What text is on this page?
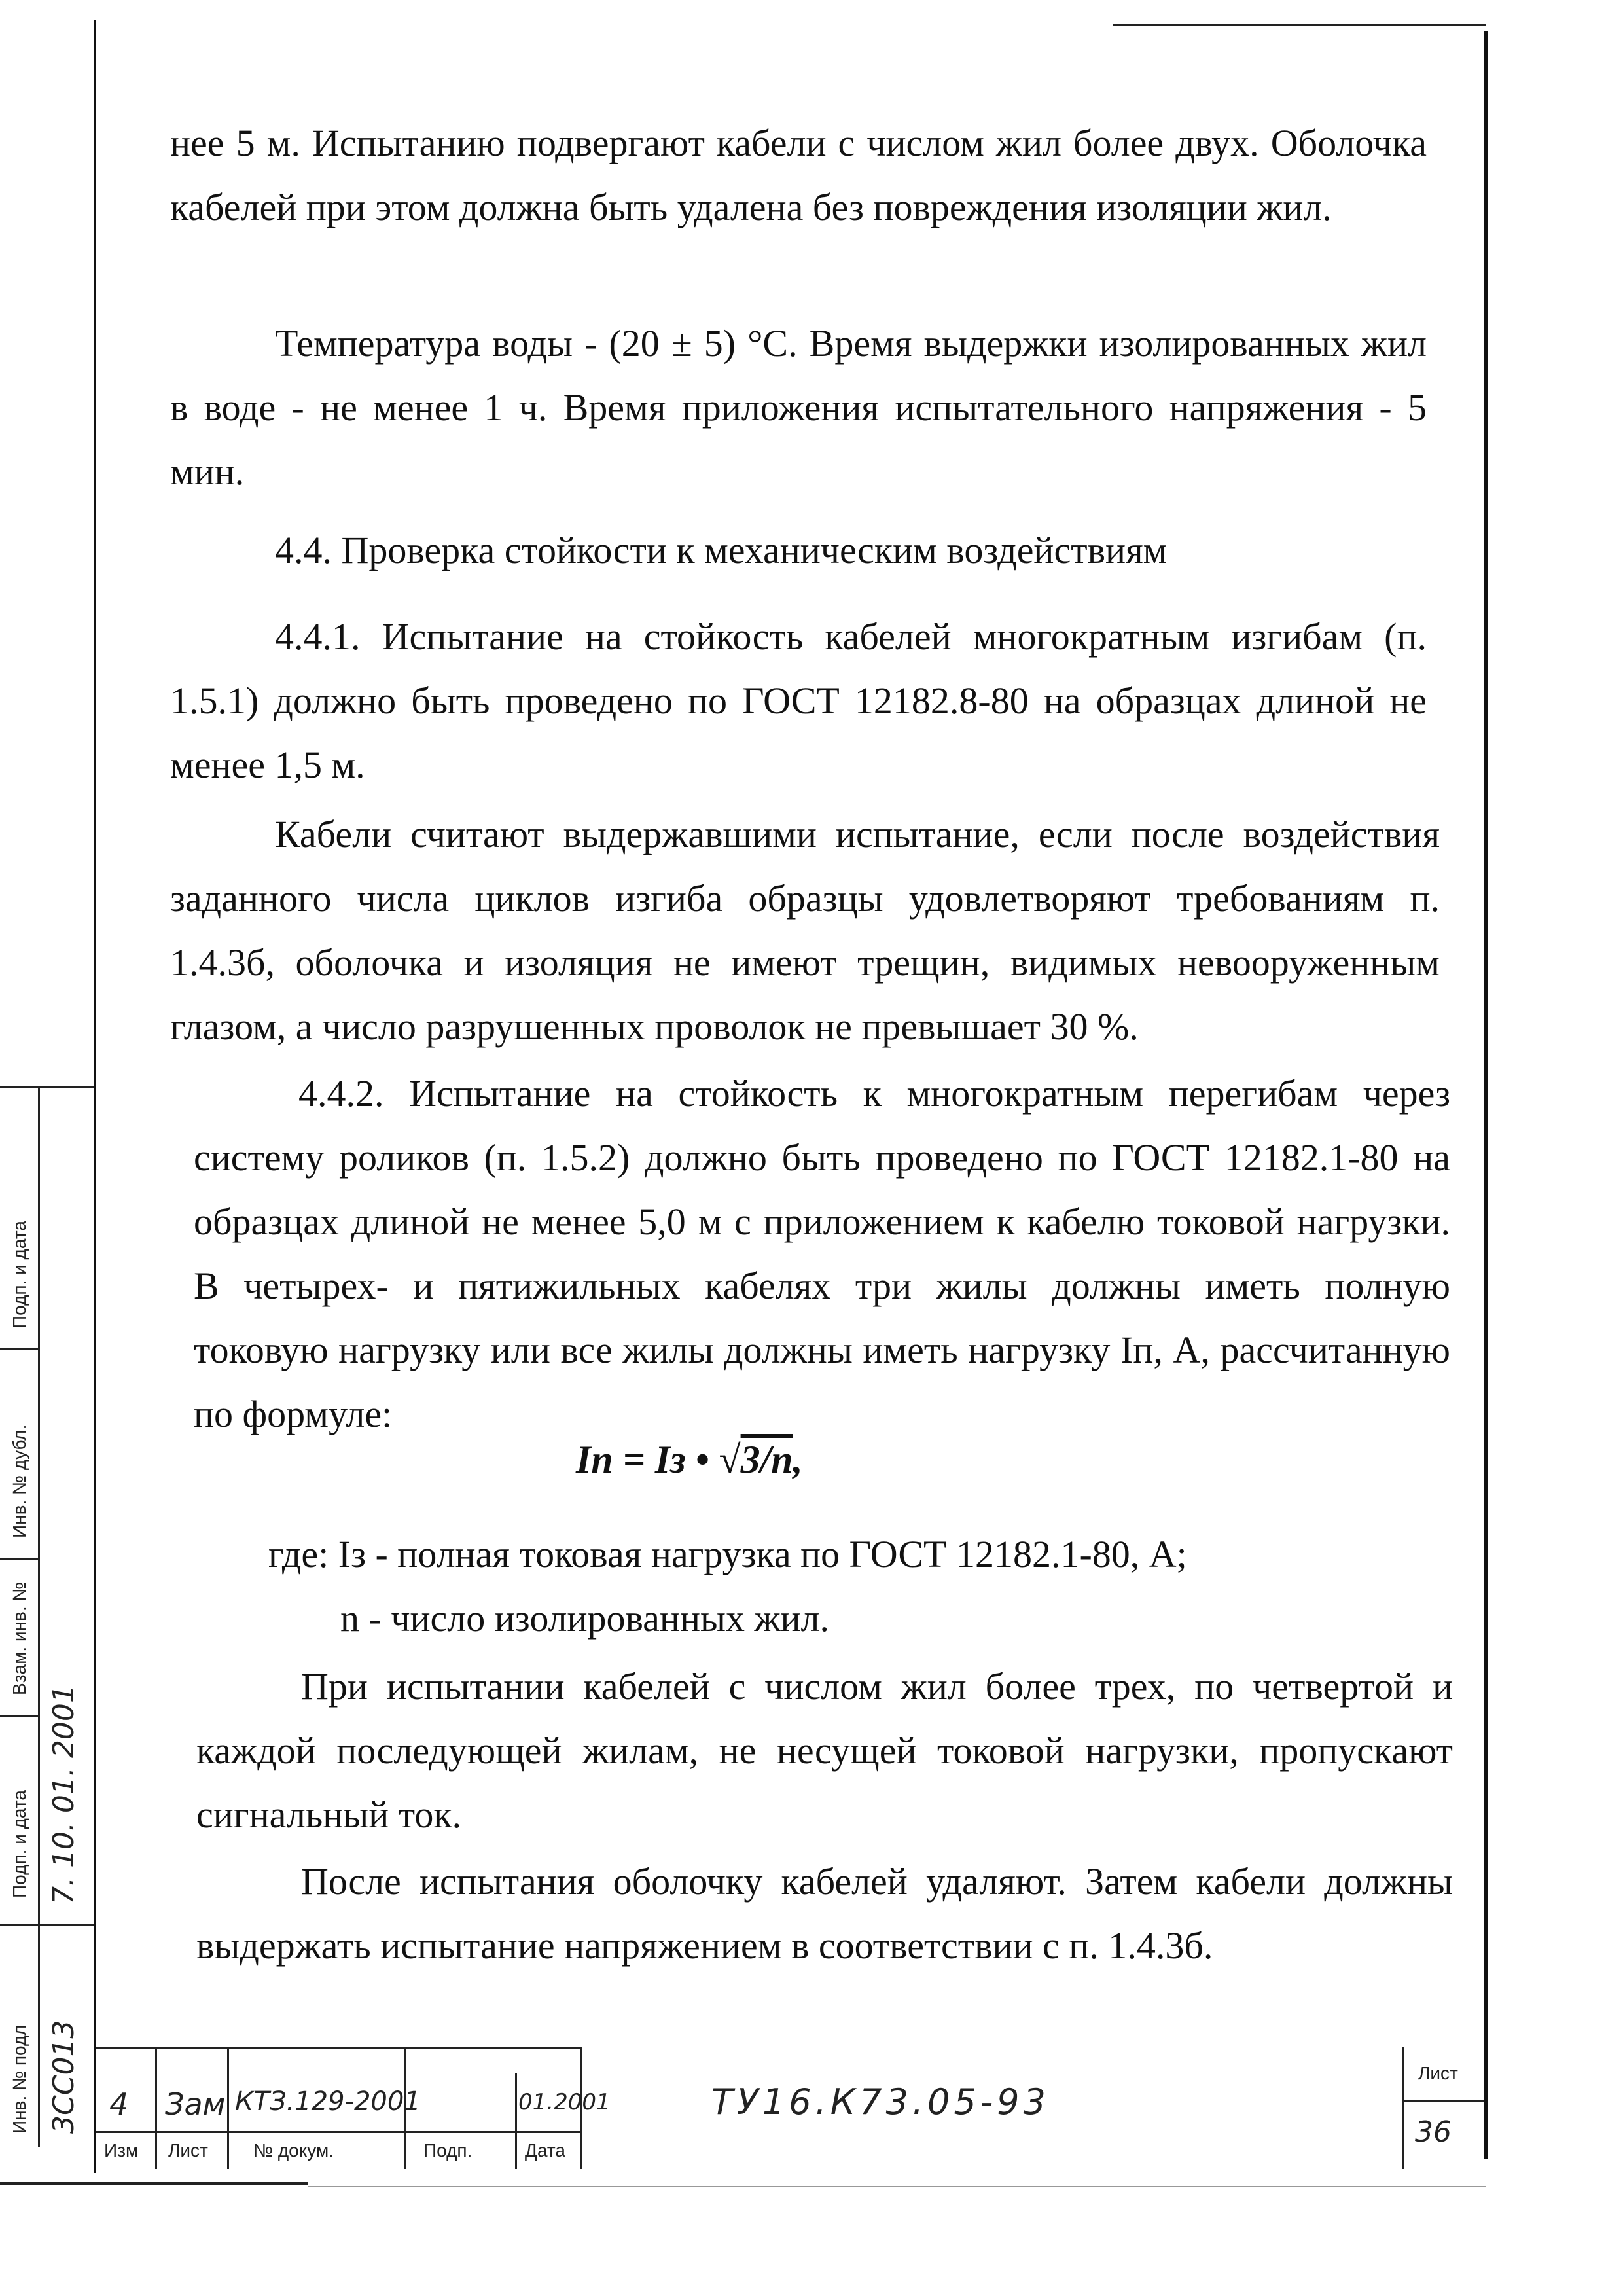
нее 5 м. Испытанию подвергают кабели с числом жил более двух. Оболочка кабелей при этом должна быть удалена без повреждения изоляции жил.

Температура воды - (20 ± 5) °С. Время выдержки изолированных жил в воде - не менее 1 ч. Время приложения испытательного напряжения - 5 мин.

4.4. Проверка стойкости к механическим воздействиям

4.4.1. Испытание на стойкость кабелей многократным изгибам (п. 1.5.1) должно быть проведено по ГОСТ 12182.8-80 на образцах длиной не менее 1,5 м.

Кабели считают выдержавшими испытание, если после воздействия заданного числа циклов изгиба образцы удовлетворяют требованиям п. 1.4.3б, оболочка и изоляция не имеют трещин, видимых невооруженным глазом, а число разрушенных проволок не превышает 30 %.

4.4.2. Испытание на стойкость к многократным перегибам через систему роликов (п. 1.5.2) должно быть проведено по ГОСТ 12182.1-80 на образцах длиной не менее 5,0 м с приложением к кабелю токовой нагрузки. В четырех- и пятижильных кабелях три жилы должны иметь полную токовую нагрузку или все жилы должны иметь нагрузку Iп, А, рассчитанную по формуле:

Iп = Iз • √3/n,

где: Iз - полная токовая нагрузка по ГОСТ 12182.1-80, А;

n - число изолированных жил.

При испытании кабелей с числом жил более трех, по четвертой и каждой последующей жилам, не несущей токовой нагрузки, пропускают сигнальный ток.

После испытания оболочку кабелей удаляют. Затем кабели должны выдержать испытание напряжением в соответствии с п. 1.4.3б.

Инв. № подл
Подп. и дата
Взам. инв. №
Инв. № дубл.
Подп. и дата
3СС013
7. 10. 01. 2001
4 Зам КТЗ.129-2001	01.2001
Изм Лист № докум.	Подп.	Дата
ТУ16.К73.05-93
Лист
36
